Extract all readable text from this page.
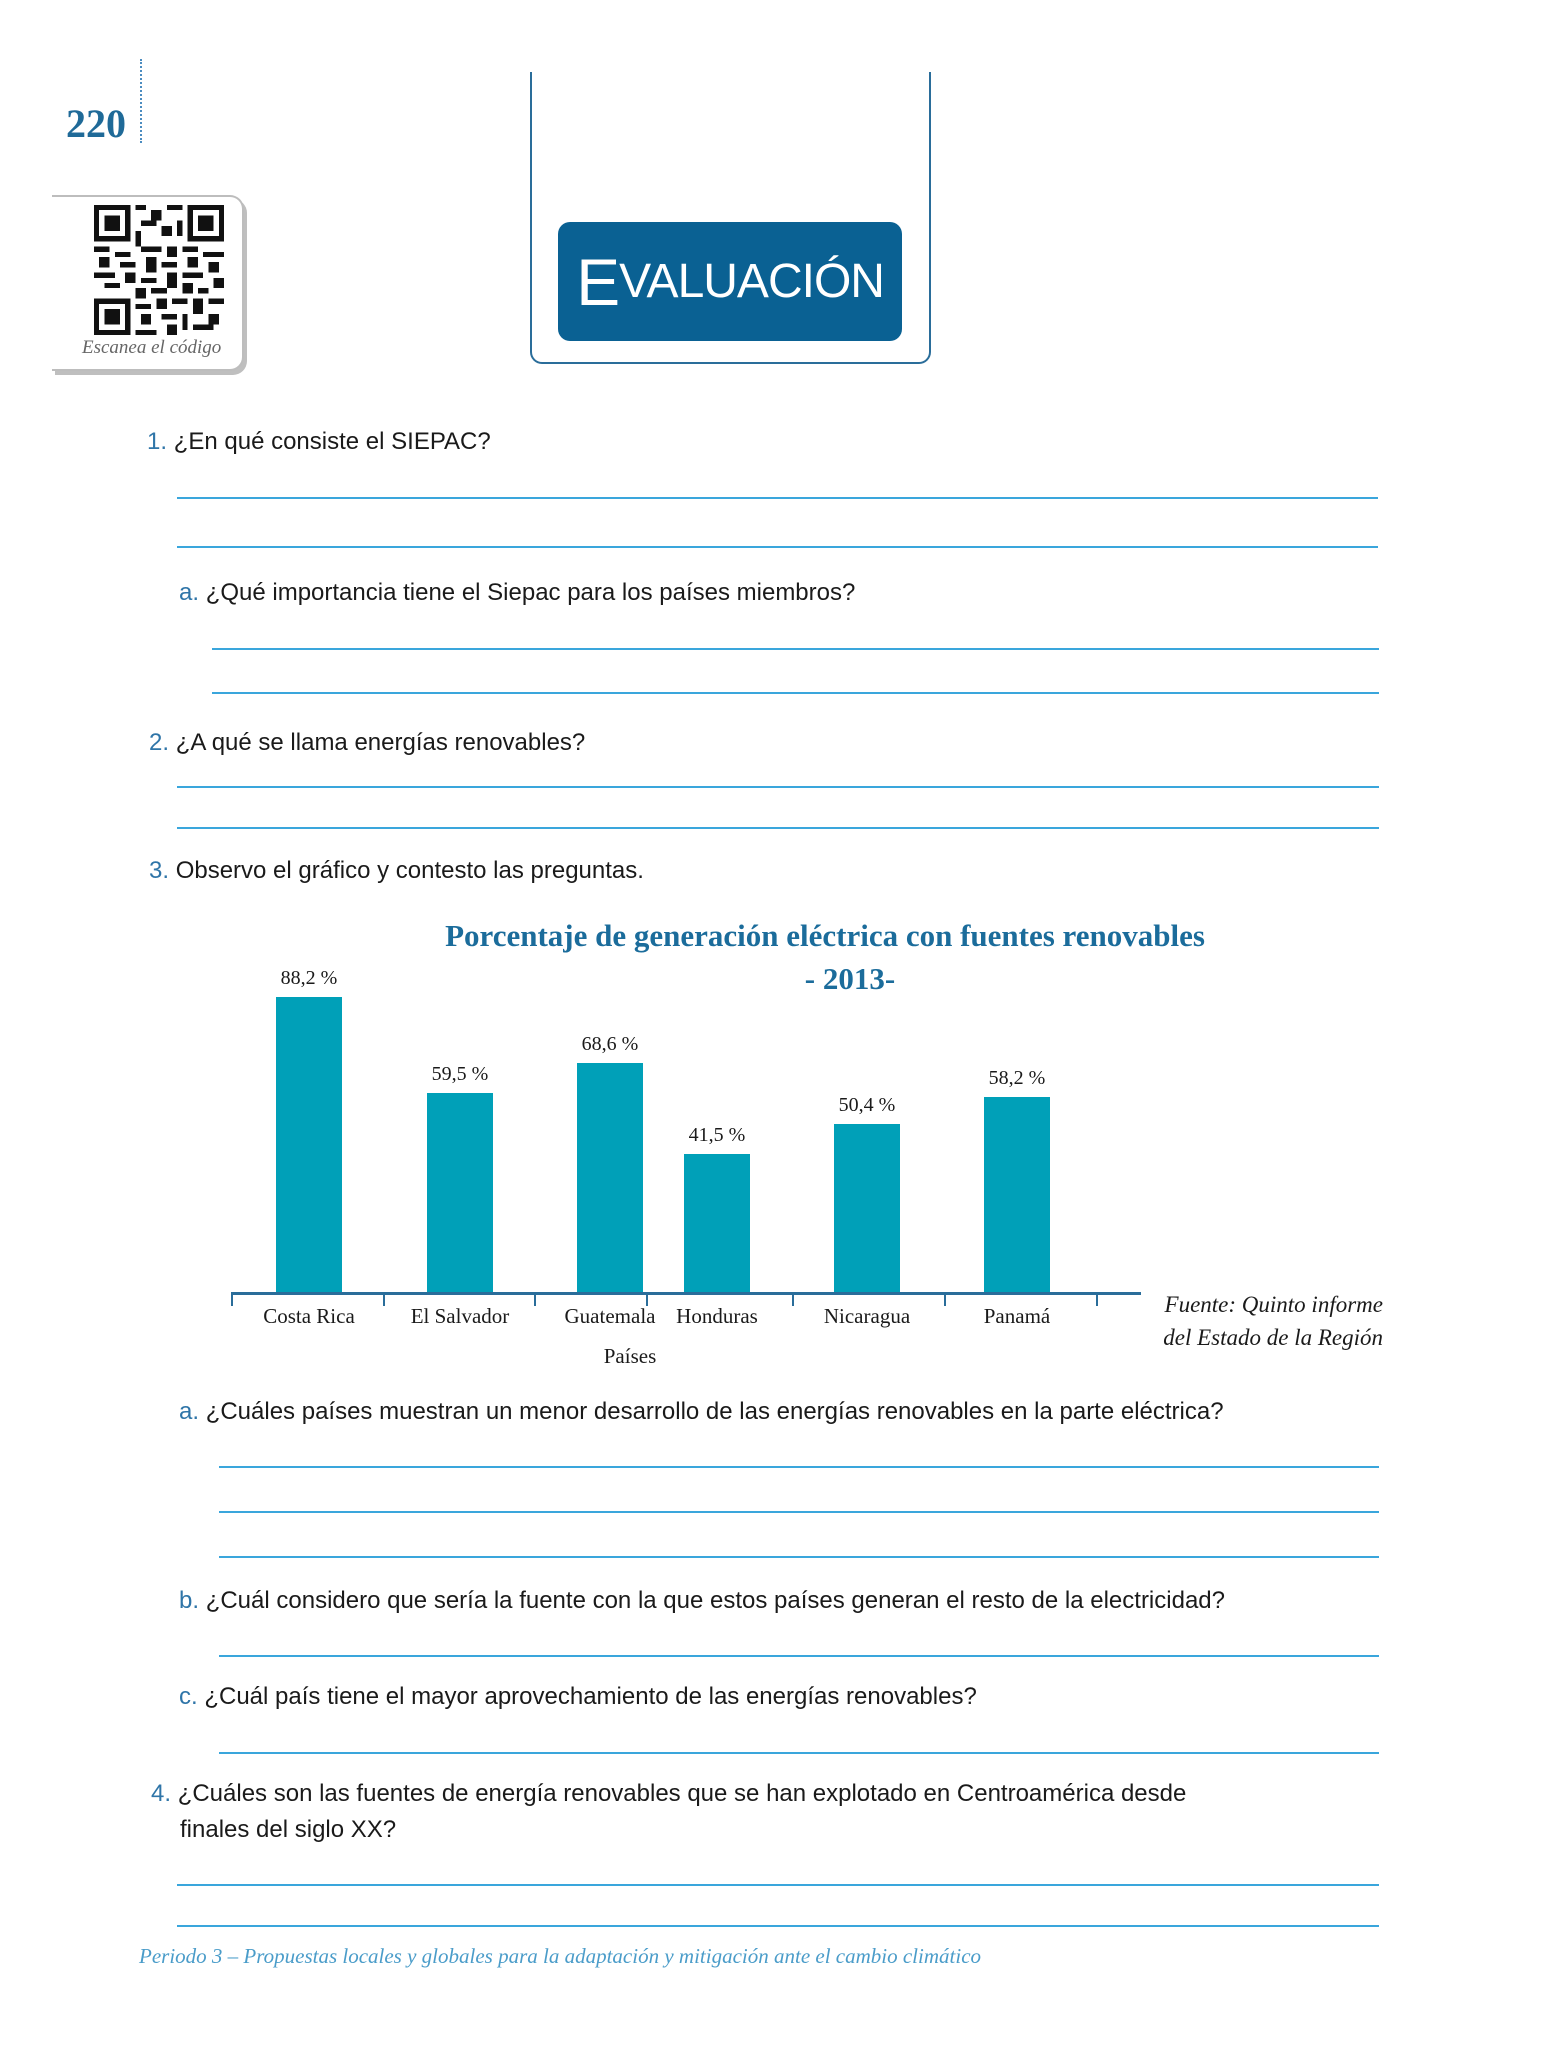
220
Escanea el código
E VALUACIÓN
1. ¿En qué consiste el SIEPAC?
a. ¿Qué importancia tiene el Siepac para los países miembros?
2. ¿A qué se llama energías renovables?
3. Observo el gráfico y contesto las preguntas.
Porcentaje de generación eléctrica con fuentes renovables
- 2013-
88,2 %
Costa Rica
59,5 %
El Salvador
68,6 %
Guatemala
41,5 %
Honduras
50,4 %
Nicaragua
58,2 %
Panamá
Países
Fuente: Quinto informe
del Estado de la Región
a. ¿Cuáles países muestran un menor desarrollo de las energías renovables en la parte eléctrica?
b. ¿Cuál considero que sería la fuente con la que estos países generan el resto de la electricidad?
c. ¿Cuál país tiene el mayor aprovechamiento de las energías renovables?
4. ¿Cuáles son las fuentes de energía renovables que se han explotado en Centroamérica desde
finales del siglo XX?
Periodo 3 – Propuestas locales y globales para la adaptación y mitigación ante el cambio climático
